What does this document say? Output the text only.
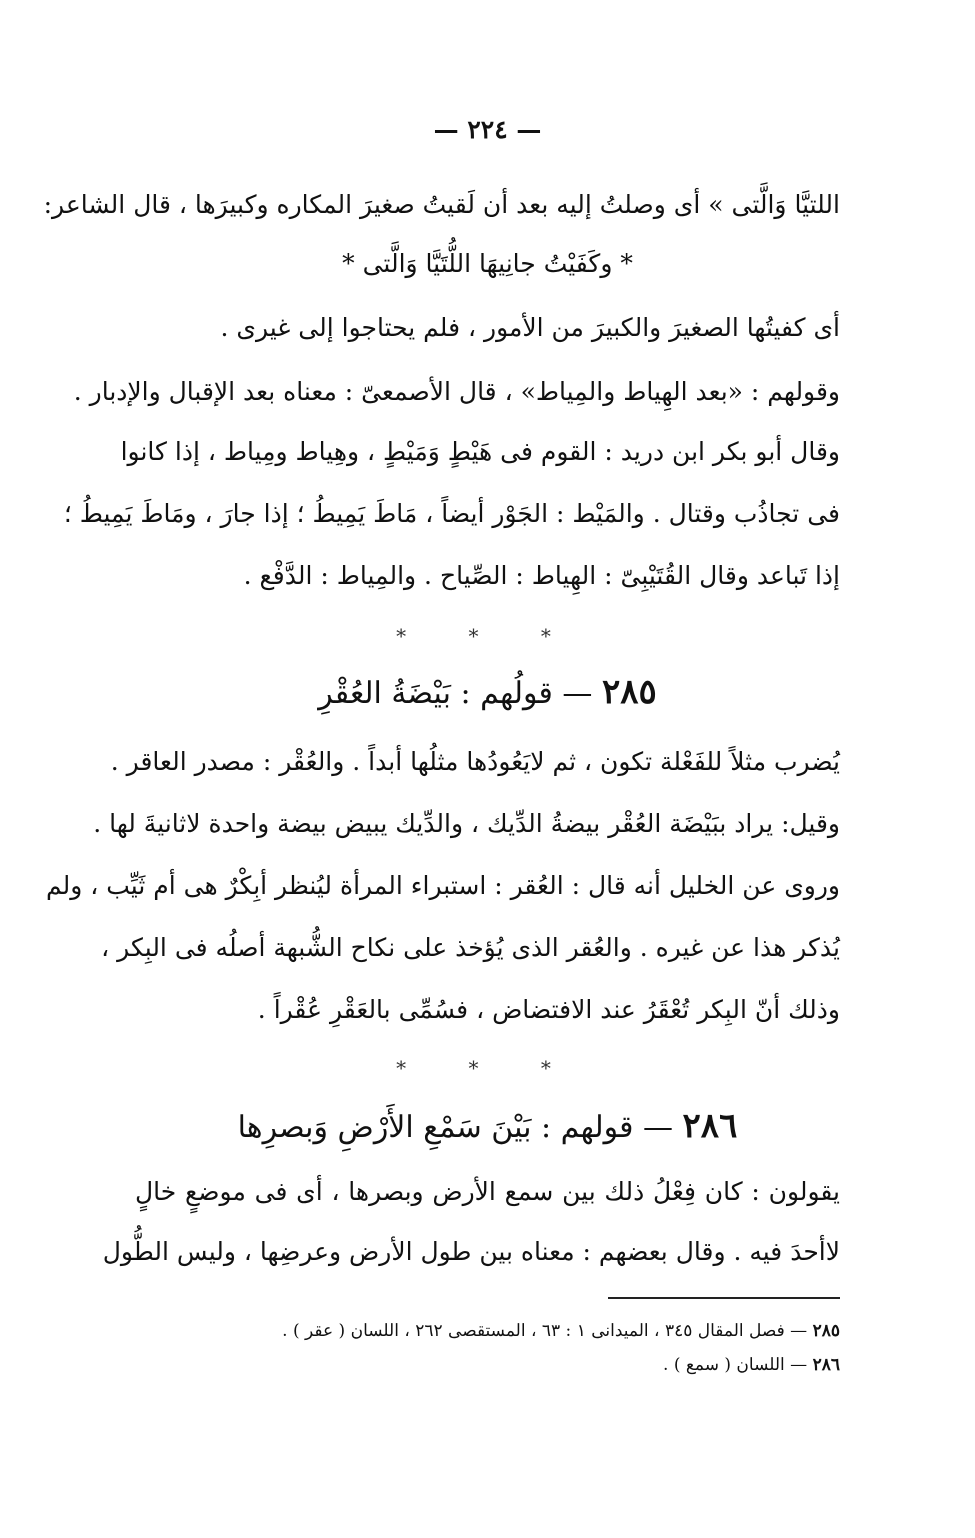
— ٢٢٤ —
اللتيَّا وَالَّتى » أى وصلتُ إليه بعد أن لَقيتُ صغيرَ المكاره وكبيرَها ، قال الشاعر:
* وكَفَيْتُ جانِيهَا اللُّتَيَّا وَالَّتى *
أى كفيتُها الصغيرَ والكبيرَ من الأمور ، فلم يحتاجوا إلى غيرى .
وقولهم : «بعد الهِياط والمِياط» ، قال الأصمعىّ : معناه بعد الإقبال والإدبار .
وقال أبو بكر ابن دريد : القوم فى هَيْطٍ وَمَيْطٍ ، وهِياط ومِياط ، إذا كانوا
فى تجاذُب وقتال . والمَيْط : الجَوْر أيضاً ، مَاطَ يَمِيطُ ؛ إذا جارَ ، ومَاطَ يَمِيطُ ؛
إذا تَباعد وقال القُتَيْبِىّ : الهِياط : الصِّياح . والمِياط : الدَّفْع .
* * *
٢٨٥ — قولُهم : بَيْضَةُ العُقْرِ
يُضرب مثلاً للفَعْلة تكون ، ثم لايَعُودُها مثلُها أبداً . والعُقْر : مصدر العاقر .
وقيل: يراد ببَيْضَة العُقْر بيضةُ الدِّيك ، والدِّيك يبيض بيضة واحدة لاثانيةَ لها .
وروى عن الخليل أنه قال : العُقر : استبراء المرأة ليُنظر أبِكْرٌ هى أم ثَيِّب ، ولم
يُذكر هذا عن غيره . والعُقر الذى يُؤخذ على نكاح الشُّبهة أصلُه فى البِكر ،
وذلك أنّ البِكر تُعْقَرُ عند الافتضاض ، فسُمِّى بالعَقْرِ عُقْراً .
* * *
٢٨٦ — قولهم : بَيْنَ سَمْعِ الأَرْضِ وَبصرِها
يقولون : كان فِعْلُ ذلك بين سمع الأرض وبصرها ، أى فى موضعٍ خالٍ
لاأحدَ فيه . وقال بعضهم : معناه بين طول الأرض وعرضِها ، وليس الطُّول
٢٨٥ — فصل المقال ٣٤٥ ، الميدانى ١ : ٦٣ ، المستقصى ٢٦٢ ، اللسان ( عقر ) .
٢٨٦ — اللسان ( سمع ) .
